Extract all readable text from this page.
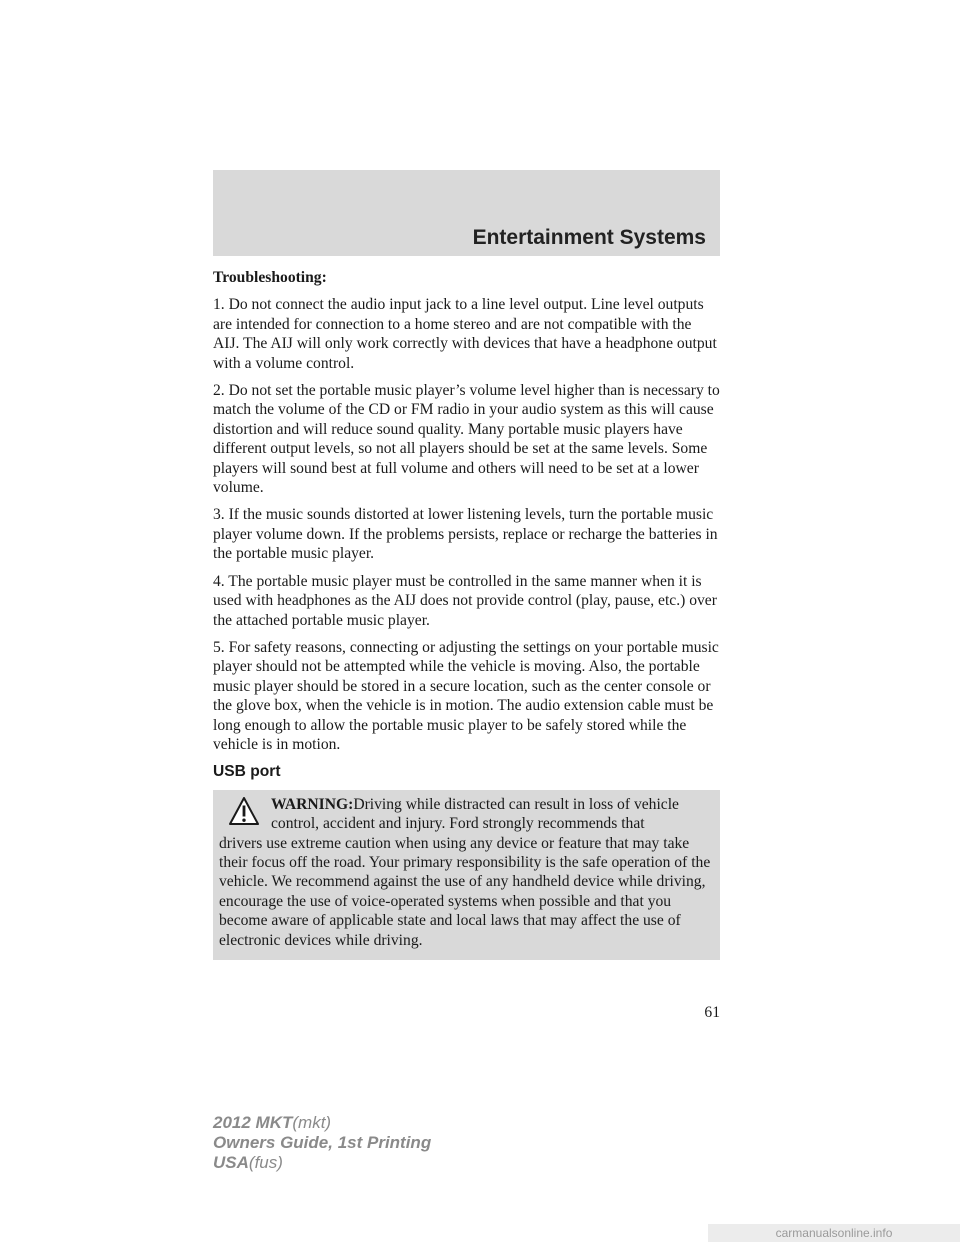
Entertainment Systems

Troubleshooting:

1. Do not connect the audio input jack to a line level output. Line level outputs are intended for connection to a home stereo and are not compatible with the AIJ. The AIJ will only work correctly with devices that have a headphone output with a volume control.

2. Do not set the portable music player’s volume level higher than is necessary to match the volume of the CD or FM radio in your audio system as this will cause distortion and will reduce sound quality. Many portable music players have different output levels, so not all players should be set at the same levels. Some players will sound best at full volume and others will need to be set at a lower volume.

3. If the music sounds distorted at lower listening levels, turn the portable music player volume down. If the problems persists, replace or recharge the batteries in the portable music player.

4. The portable music player must be controlled in the same manner when it is used with headphones as the AIJ does not provide control (play, pause, etc.) over the attached portable music player.

5. For safety reasons, connecting or adjusting the settings on your portable music player should not be attempted while the vehicle is moving. Also, the portable music player should be stored in a secure location, such as the center console or the glove box, when the vehicle is in motion. The audio extension cable must be long enough to allow the portable music player to be safely stored while the vehicle is in motion.

USB port

WARNING:Driving while distracted can result in loss of vehicle control, accident and injury. Ford strongly recommends that
drivers use extreme caution when using any device or feature that may take their focus off the road. Your primary responsibility is the safe operation of the vehicle. We recommend against the use of any handheld device while driving, encourage the use of voice-operated systems when possible and that you become aware of applicable state and local laws that may affect the use of electronic devices while driving.
61
2012 MKT(mkt)
Owners Guide, 1st Printing
USA(fus)
carmanualsonline.info
